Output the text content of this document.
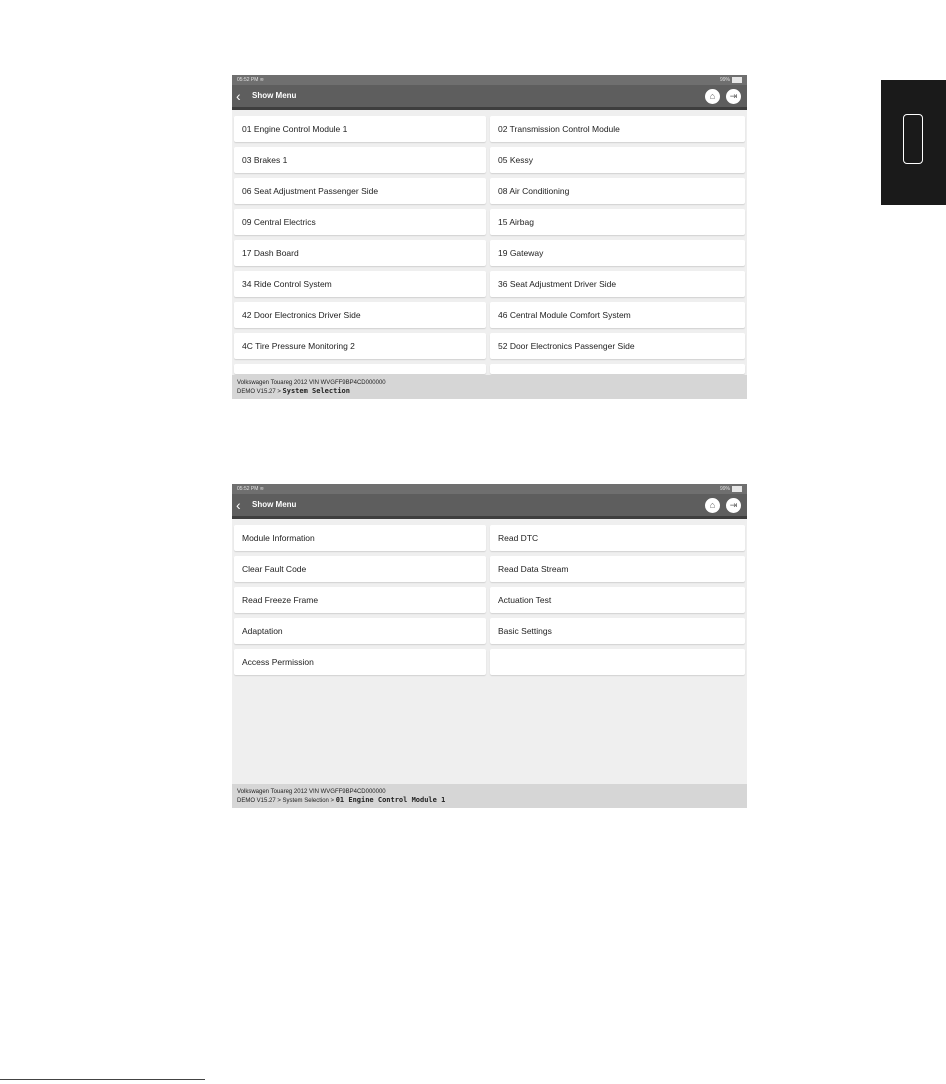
05:52 PM ≋	99%
‹ Show Menu	⌂	⇥
01 Engine Control Module 1	02 Transmission Control Module
03 Brakes 1	05 Kessy
06 Seat Adjustment Passenger Side	08 Air Conditioning
09 Central Electrics	15 Airbag
17 Dash Board	19 Gateway
34 Ride Control System	36 Seat Adjustment Driver Side
42 Door Electronics Driver Side	46 Central Module Comfort System
4C Tire Pressure Monitoring 2	52 Door Electronics Passenger Side
Volkswagen Touareg 2012 VIN WVGFF9BP4CD000000
DEMO V15.27 > System Selection
05:52 PM ≋	99%
‹ Show Menu	⌂	⇥
Module Information	Read DTC
Clear Fault Code	Read Data Stream
Read Freeze Frame	Actuation Test
Adaptation	Basic Settings
Access Permission
Volkswagen Touareg 2012 VIN WVGFF9BP4CD000000
DEMO V15.27 > System Selection > 01 Engine Control Module 1
